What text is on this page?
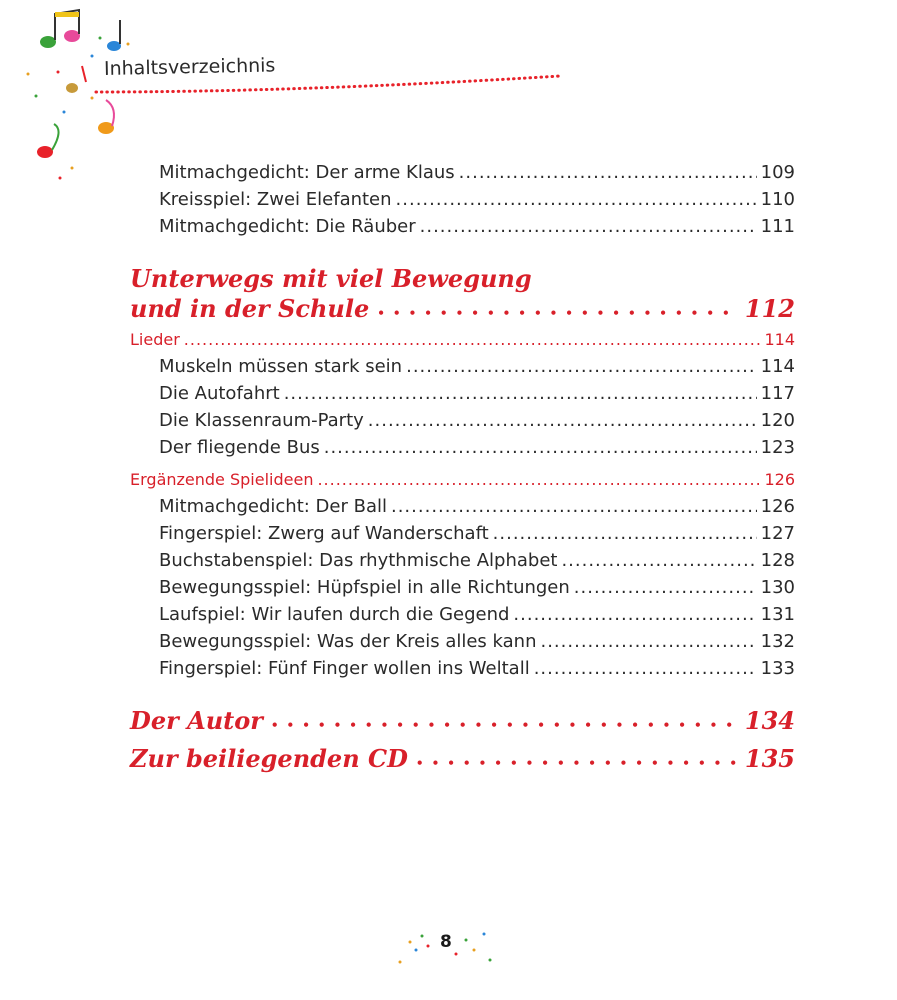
Inhaltsverzeichnis
Mitmachgedicht: Der arme Klaus .....	109
Kreisspiel: Zwei Elefanten .....	110
Mitmachgedicht: Die Räuber .....	111
Unterwegs mit viel Bewegung
und in der Schule •••••	112
Lieder .....	114
Muskeln müssen stark sein .....	114
Die Autofahrt .....	117
Die Klassenraum-Party .....	120
Der fliegende Bus .....	123
Ergänzende Spielideen .....	126
Mitmachgedicht: Der Ball .....	126
Fingerspiel: Zwerg auf Wanderschaft .....	127
Buchstabenspiel: Das rhythmische Alphabet .....	128
Bewegungsspiel: Hüpfspiel in alle Richtungen .....	130
Laufspiel: Wir laufen durch die Gegend .....	131
Bewegungsspiel: Was der Kreis alles kann .....	132
Fingerspiel: Fünf Finger wollen ins Weltall .....	133
Der Autor •••••	134
Zur beiliegenden CD •••••	135
8
